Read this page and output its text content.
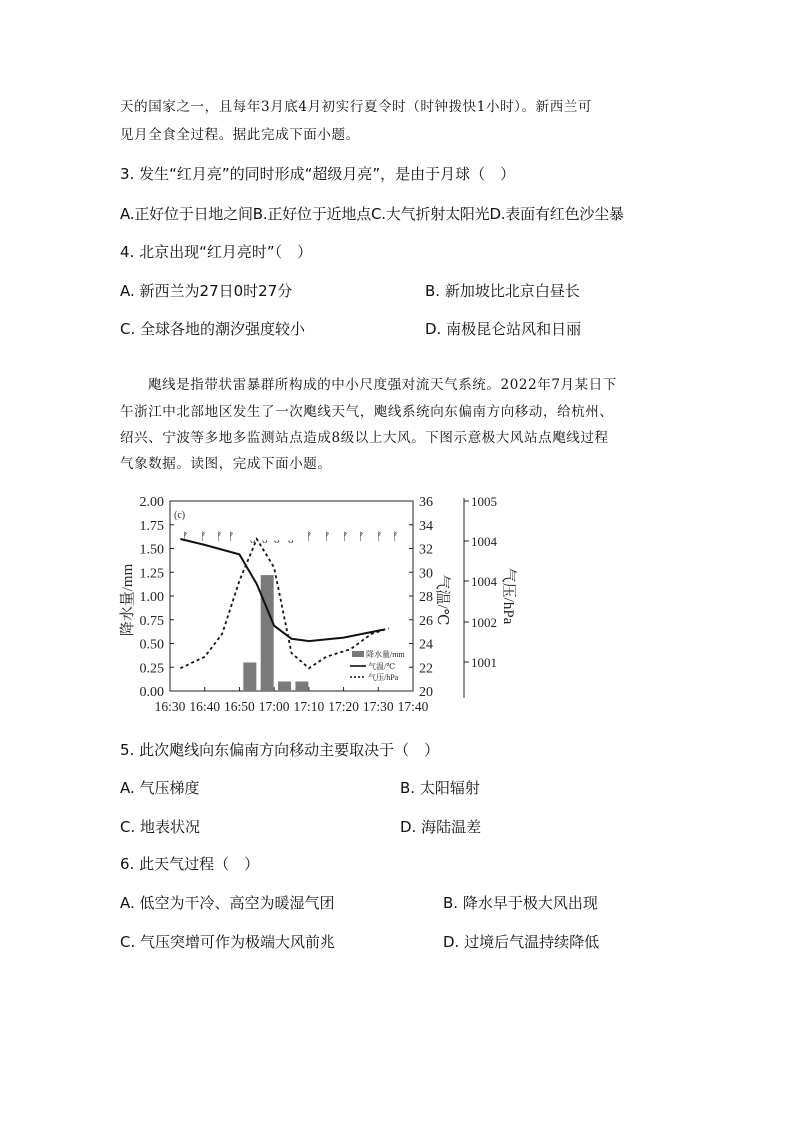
天的国家之一，且每年3月底4月初实行夏令时（时钟拨快1小时）。新西兰可
见月全食全过程。据此完成下面小题。
3. 发生“红月亮”的同时形成“超级月亮”，是由于月球（　）
A.正好位于日地之间B.正好位于近地点C.大气折射太阳光D.表面有红色沙尘暴
4. 北京出现“红月亮时”（　）
A. 新西兰为27日0时27分	B. 新加坡比北京白昼长
C. 全球各地的潮汐强度较小	D. 南极昆仑站风和日丽
飑线是指带状雷暴群所构成的中小尺度强对流天气系统。2022年7月某日下
午浙江中北部地区发生了一次飑线天气，飑线系统向东偏南方向移动，给杭州、
绍兴、宁波等多地多监测站点造成8级以上大风。下图示意极大风站点飑线过程
气象数据。读图，完成下面小题。
2.00
1.75
1.50
1.25
1.00
0.75
0.50
0.25
0.00
36
34
32
30
28
26
24
22
20
1005
1004
1004
1002
1001
16:30 16:40 16:50 17:00 17:10 17:20 17:30 17:40
(c)
ᚠ ᚠ ᚠ ᚠ ᴗ ᴗ ᴗ ᴗ ᚠ ᚠ ᚠ ᚠ ᚠ ᚠ
降水量/mm
气温/℃
气压/hPa
降水量/mm	气温/℃	气压/hPa
5. 此次飑线向东偏南方向移动主要取决于（　）
A. 气压梯度	B. 太阳辐射
C. 地表状况	D. 海陆温差
6. 此天气过程（　）
A. 低空为干冷、高空为暖湿气团	B. 降水早于极大风出现
C. 气压突增可作为极端大风前兆	D. 过境后气温持续降低
